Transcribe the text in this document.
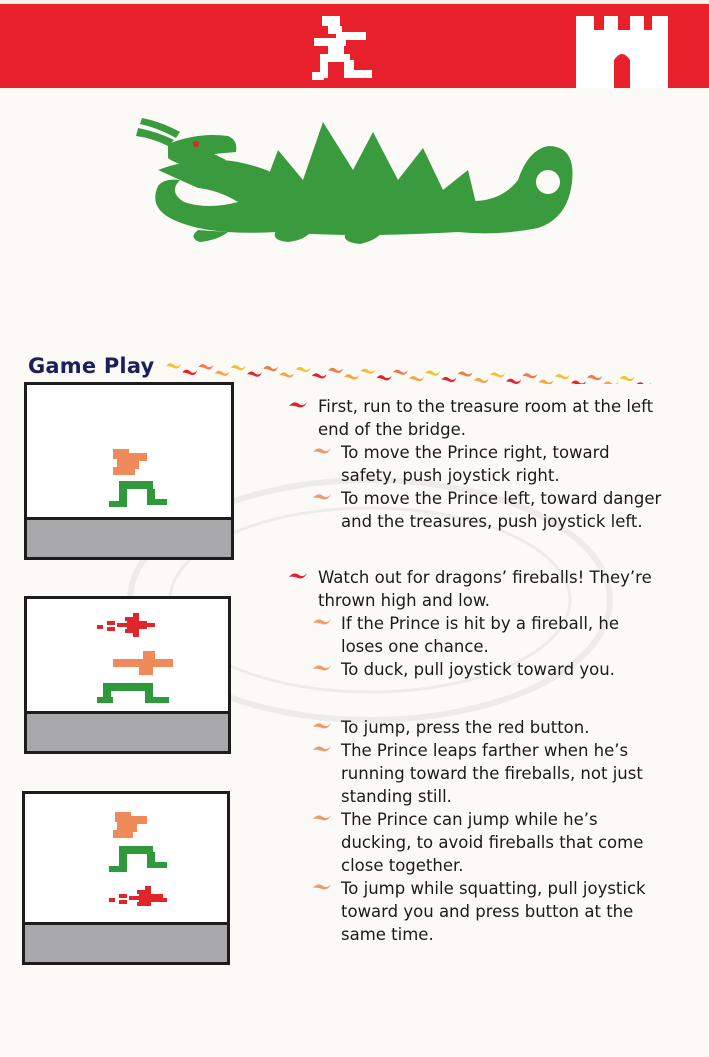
Game Play
First, run to the treasure room at the left end of the bridge.
To move the Prince right, toward safety, push joystick right.
To move the Prince left, toward danger and the treasures, push joystick left.
Watch out for dragons’ fireballs! They’re thrown high and low.
If the Prince is hit by a fireball, he loses one chance.
To duck, pull joystick toward you.
To jump, press the red button.
The Prince leaps farther when he’s running toward the fireballs, not just standing still.
The Prince can jump while he’s ducking, to avoid fireballs that come close together.
To jump while squatting, pull joystick toward you and press button at the same time.
